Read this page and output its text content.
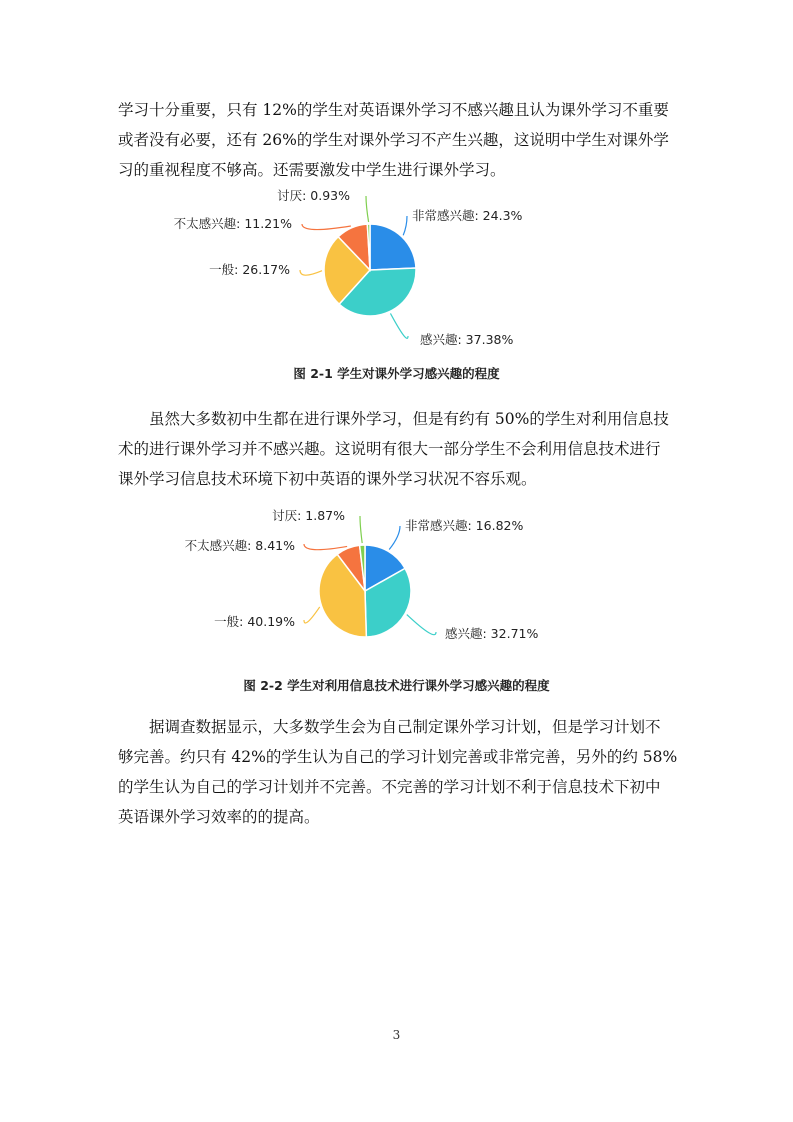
学习十分重要，只有 12%的学生对英语课外学习不感兴趣且认为课外学习不重要
或者没有必要，还有 26%的学生对课外学习不产生兴趣，这说明中学生对课外学
习的重视程度不够高。还需要激发中学生进行课外学习。
非常感兴趣: 24.3%
感兴趣: 37.38%
一般: 26.17%
不太感兴趣: 11.21%
讨厌: 0.93%
图 2-1 学生对课外学习感兴趣的程度
　　虽然大多数初中生都在进行课外学习，但是有约有 50%的学生对利用信息技
术的进行课外学习并不感兴趣。这说明有很大一部分学生不会利用信息技术进行
课外学习信息技术环境下初中英语的课外学习状况不容乐观。
非常感兴趣: 16.82%
感兴趣: 32.71%
一般: 40.19%
不太感兴趣: 8.41%
讨厌: 1.87%
图 2-2 学生对利用信息技术进行课外学习感兴趣的程度
　　据调查数据显示，大多数学生会为自己制定课外学习计划，但是学习计划不
够完善。约只有 42%的学生认为自己的学习计划完善或非常完善，另外的约 58%
的学生认为自己的学习计划并不完善。不完善的学习计划不利于信息技术下初中
英语课外学习效率的的提高。
3
